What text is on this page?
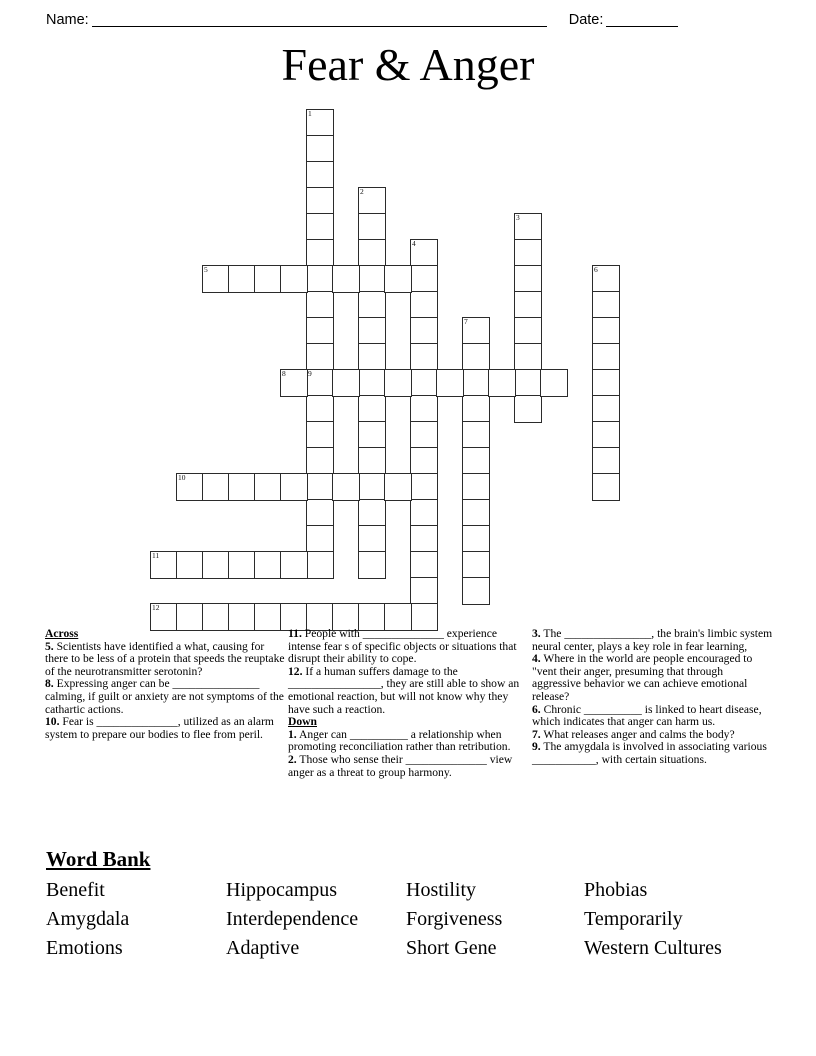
Name:	Date:
Fear & Anger
1
9
2
3
4
5	6
7
8
10
11
12
Across
5. Scientists have identified a what, causing for there to be less of a protein that speeds the reuptake of the neurotransmitter serotonin?
8. Expressing anger can be _______________ calming, if guilt or anxiety are not symptoms of the cathartic actions.
10. Fear is ______________, utilized as an alarm system to prepare our bodies to flee from peril.
11. People with ______________ experience intense fear s of specific objects or situations that disrupt their ability to cope.
12. If a human suffers damage to the ________________, they are still able to show an emotional reaction, but will not know why they have such a reaction.
Down
1. Anger can __________ a relationship when promoting reconciliation rather than retribution.
2. Those who sense their ______________ view anger as a threat to group harmony.
3. The _______________, the brain's limbic system neural center, plays a key role in fear learning,
4. Where in the world are people encouraged to "vent their anger, presuming that through aggressive behavior we can achieve emotional release?
6. Chronic __________ is linked to heart disease, which indicates that anger can harm us.
7. What releases anger and calms the body?
9. The amygdala is involved in associating various ___________, with certain situations.
Word Bank
Benefit	Hippocampus	Hostility	Phobias
Amygdala	Interdependence	Forgiveness	Temporarily
Emotions	Adaptive	Short Gene	Western Cultures
